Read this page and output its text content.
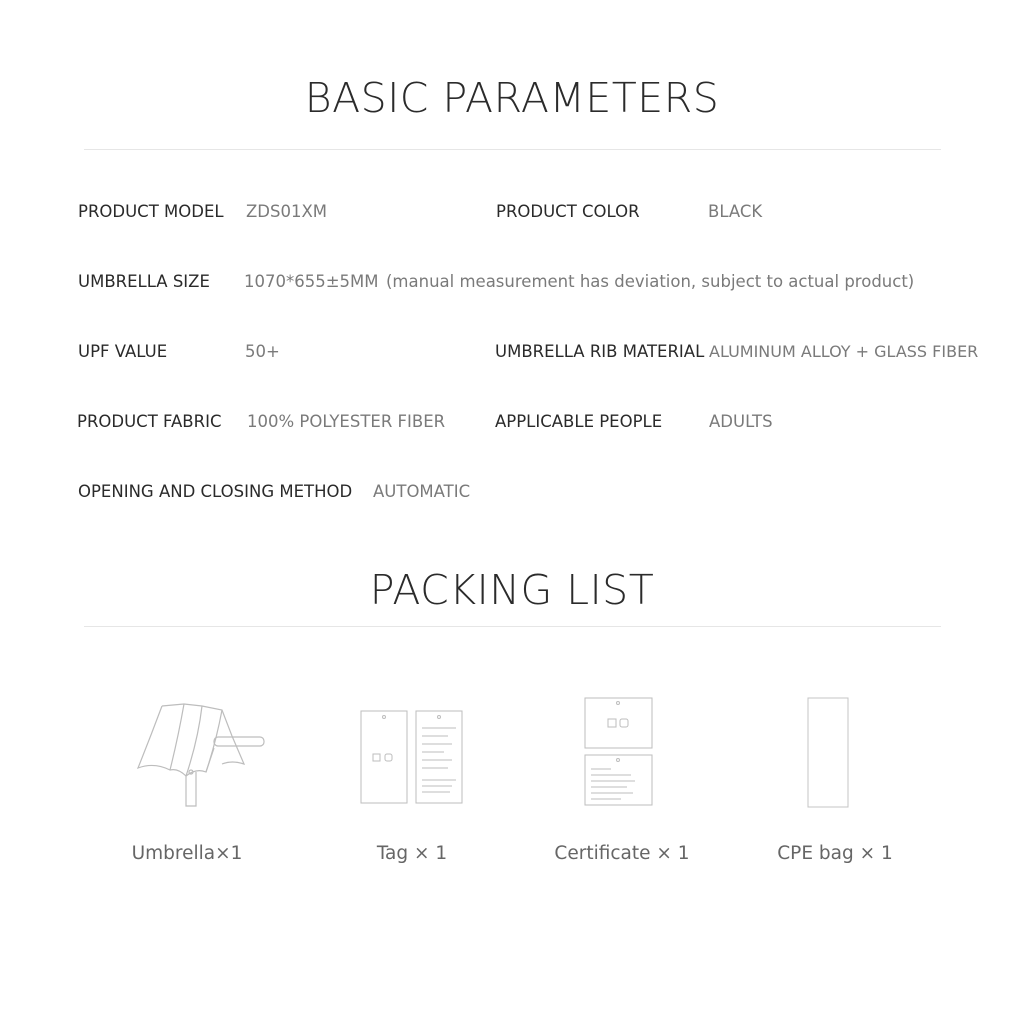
BASIC PARAMETERS
PRODUCT MODEL ZDS01XM	PRODUCT COLOR	BLACK
UMBRELLA SIZE 1070*655±5MM (manual measurement has deviation, subject to actual product)
UPF VALUE	50+	UMBRELLA RIB MATERIAL ALUMINUM ALLOY + GLASS FIBER
PRODUCT FABRIC 100% POLYESTER FIBER	APPLICABLE PEOPLE	ADULTS
OPENING AND CLOSING METHOD AUTOMATIC
PACKING LIST
Umbrella×1	Tag × 1	Certificate × 1	CPE bag × 1
